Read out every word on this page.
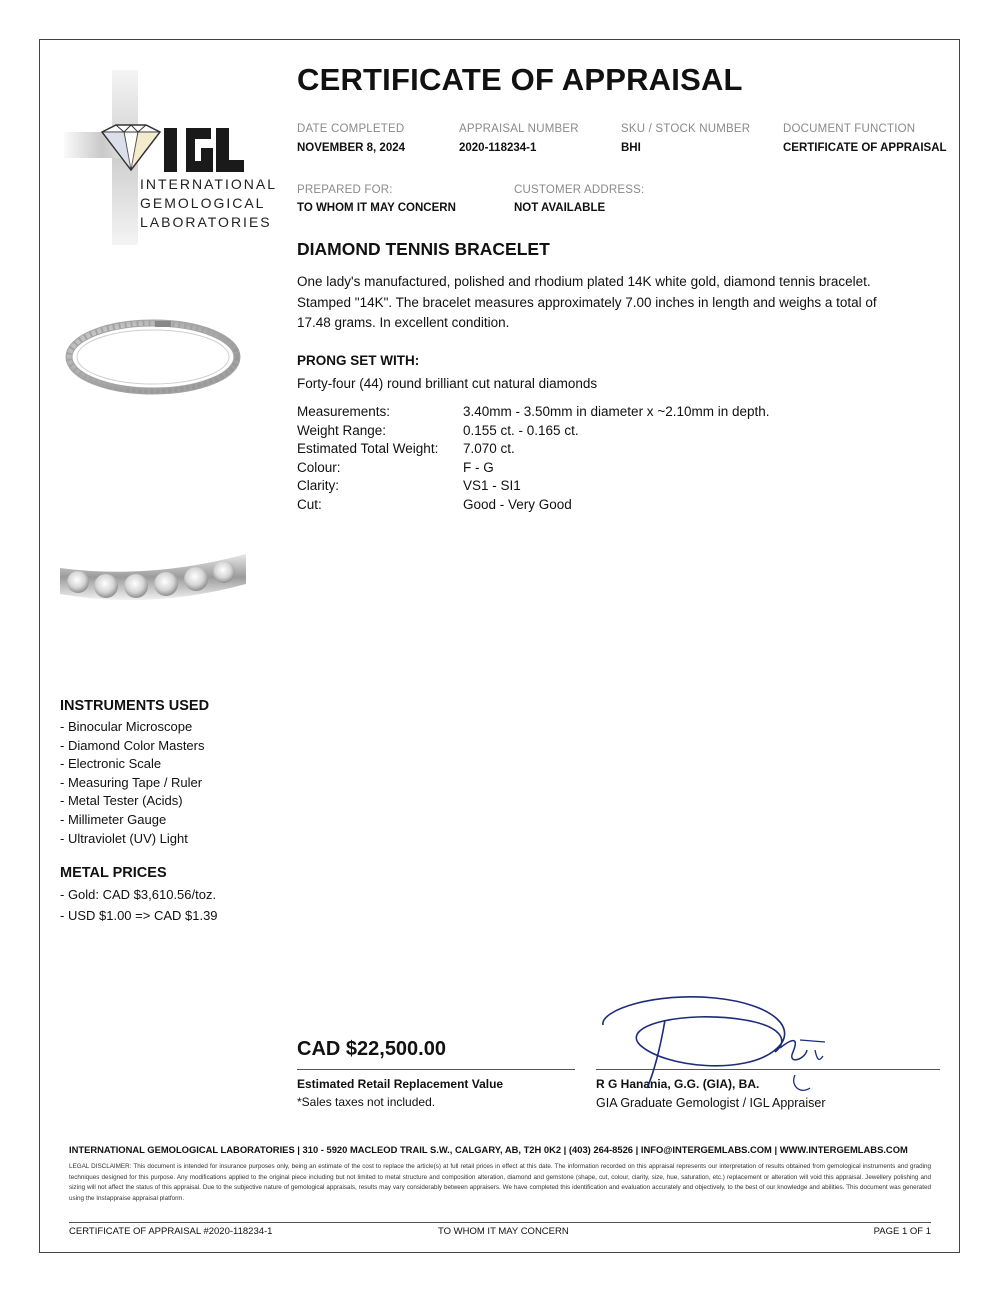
INTERNATIONAL
GEMOLOGICAL
LABORATORIES
CERTIFICATE OF APPRAISAL
DATE COMPLETED
NOVEMBER 8, 2024
APPRAISAL NUMBER
2020-118234-1
SKU / STOCK NUMBER
BHI
DOCUMENT FUNCTION
CERTIFICATE OF APPRAISAL
PREPARED FOR:
TO WHOM IT MAY CONCERN
CUSTOMER ADDRESS:
NOT AVAILABLE
DIAMOND TENNIS BRACELET
One lady's manufactured, polished and rhodium plated 14K white gold, diamond tennis bracelet. Stamped "14K". The bracelet measures approximately 7.00 inches in length and weighs a total of 17.48 grams. In excellent condition.
PRONG SET WITH:
Forty-four (44) round brilliant cut natural diamonds
Measurements:	3.40mm - 3.50mm in diameter x ~2.10mm in depth.
Weight Range:	0.155 ct. - 0.165 ct.
Estimated Total Weight: 7.070 ct.
Colour:	F - G
Clarity:	VS1 - SI1
Cut:	Good - Very Good
INSTRUMENTS USED
- Binocular Microscope
- Diamond Color Masters
- Electronic Scale
- Measuring Tape / Ruler
- Metal Tester (Acids)
- Millimeter Gauge
- Ultraviolet (UV) Light
METAL PRICES
- Gold: CAD $3,610.56/toz.
- USD $1.00 => CAD $1.39
CAD $22,500.00
Estimated Retail Replacement Value
*Sales taxes not included.
R G Hanania, G.G. (GIA), BA.
GIA Graduate Gemologist / IGL Appraiser
INTERNATIONAL GEMOLOGICAL LABORATORIES | 310 - 5920 MACLEOD TRAIL S.W., CALGARY, AB, T2H 0K2 | (403) 264-8526 | INFO@INTERGEMLABS.COM | WWW.INTERGEMLABS.COM
LEGAL DISCLAIMER: This document is intended for insurance purposes only, being an estimate of the cost to replace the article(s) at full retail prices in effect at this date. The information recorded on this appraisal represents our interpretation of results obtained from gemological instruments and grading techniques designed for this purpose. Any modifications applied to the original piece including but not limited to metal structure and composition alteration, diamond and gemstone (shape, cut, colour, clarity, size, hue, saturation, etc.) replacement or alteration will void this appraisal. Jewellery polishing and sizing will not affect the status of this appraisal. Due to the subjective nature of gemological appraisals, results may vary considerably between appraisers. We have completed this identification and evaluation accurately and objectively, to the best of our knowledge and abilities. This document was generated using the Instappraise appraisal platform.
CERTIFICATE OF APPRAISAL #2020-118234-1	TO WHOM IT MAY CONCERN	PAGE 1 OF 1
